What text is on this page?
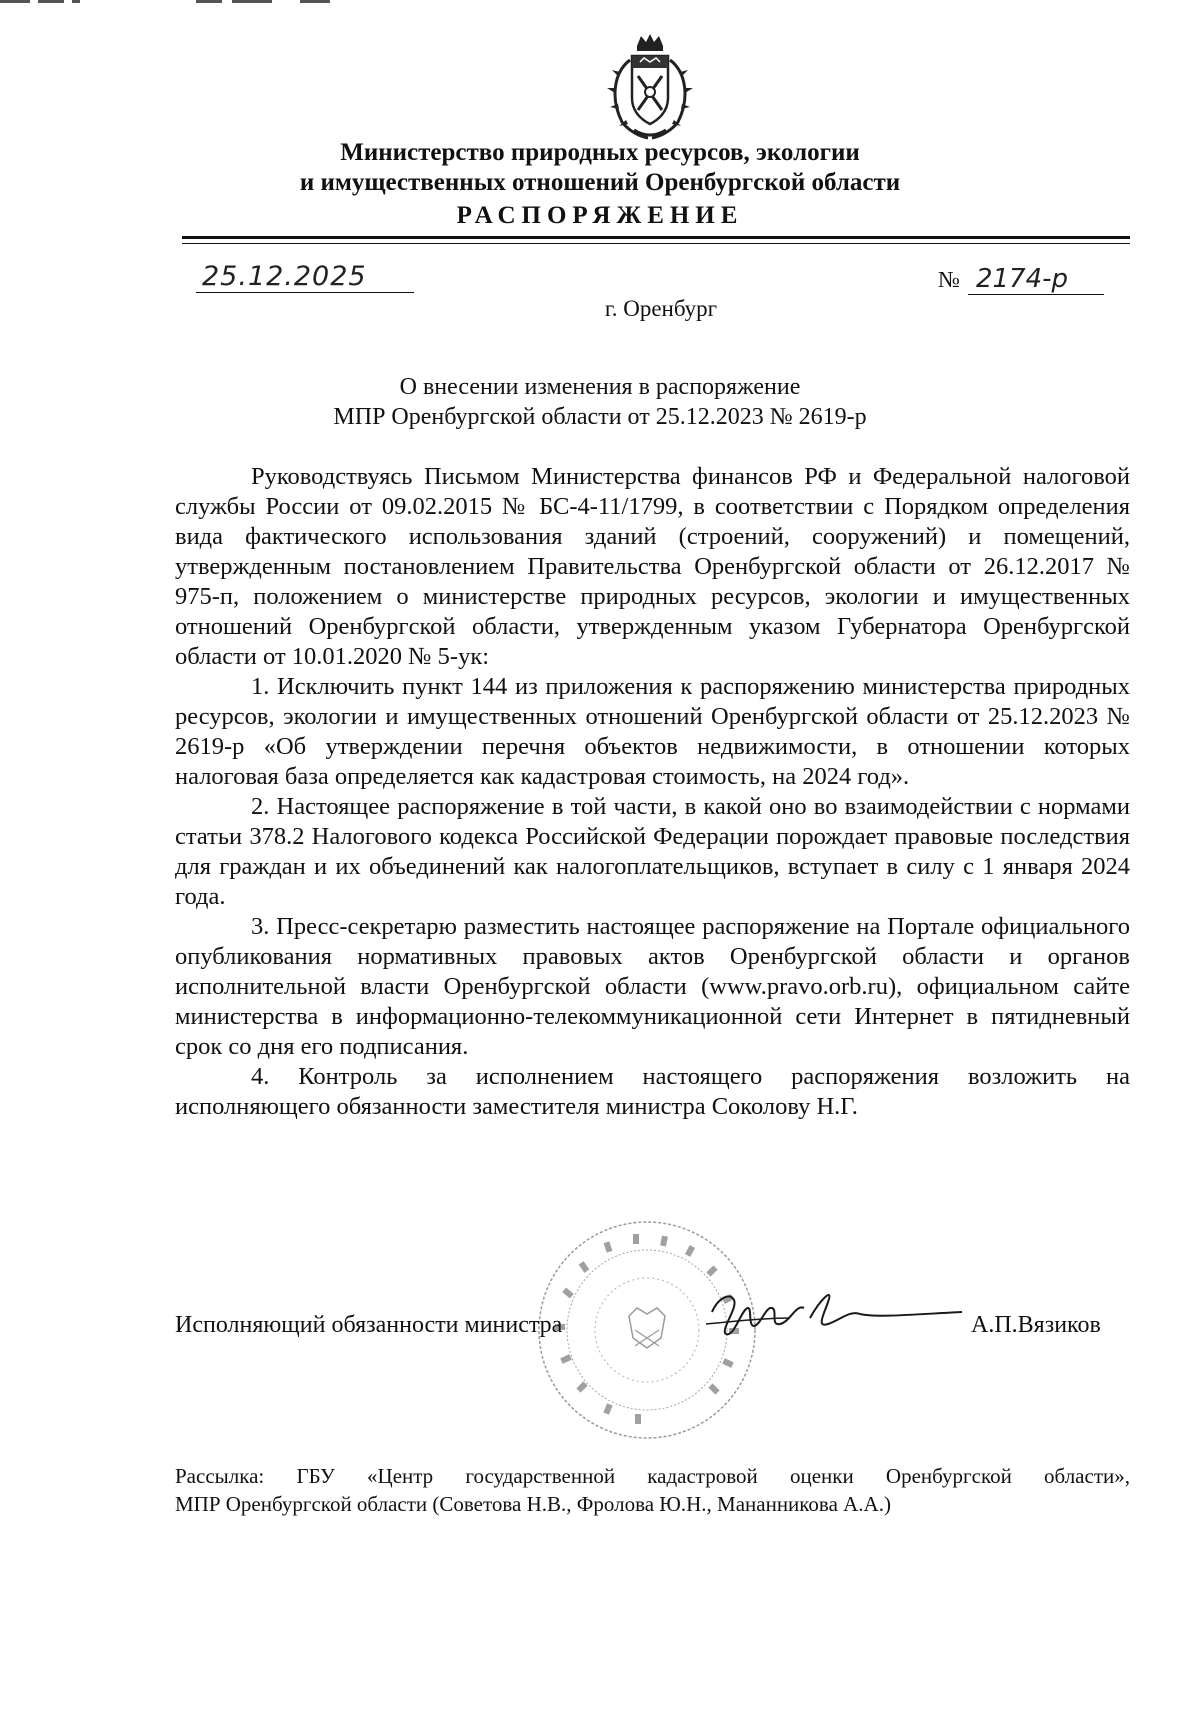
Министерство природных ресурсов, экологии
и имущественных отношений Оренбургской области
РАСПОРЯЖЕНИЕ
25.12.2025	№ 2174-р
г. Оренбург
О внесении изменения в распоряжение
МПР Оренбургской области от 25.12.2023 № 2619-р

Руководствуясь Письмом Министерства финансов РФ и Федеральной налоговой службы России от 09.02.2015 № БС-4-11/1799, в соответствии с Порядком определения вида фактического использования зданий (строений, сооружений) и помещений, утвержденным постановлением Правительства Оренбургской области от 26.12.2017 № 975-п, положением о министерстве природных ресурсов, экологии и имущественных отношений Оренбургской области, утвержденным указом Губернатора Оренбургской области от 10.01.2020 № 5-ук:

1. Исключить пункт 144 из приложения к распоряжению министерства природных ресурсов, экологии и имущественных отношений Оренбургской области от 25.12.2023 № 2619-р «Об утверждении перечня объектов недвижимости, в отношении которых налоговая база определяется как кадастровая стоимость, на 2024 год».

2. Настоящее распоряжение в той части, в какой оно во взаимодействии с нормами статьи 378.2 Налогового кодекса Российской Федерации порождает правовые последствия для граждан и их объединений как налогоплательщиков, вступает в силу с 1 января 2024 года.

3. Пресс-секретарю разместить настоящее распоряжение на Портале официального опубликования нормативных правовых актов Оренбургской области и органов исполнительной власти Оренбургской области (www.pravo.orb.ru), официальном сайте министерства в информационно-телекоммуникационной сети Интернет в пятидневный срок со дня его подписания.

4. Контроль за исполнением настоящего распоряжения возложить на исполняющего обязанности заместителя министра Соколову Н.Г.

Исполняющий обязанности министра	А.П.Вязиков

Рассылка: ГБУ «Центр государственной кадастровой оценки Оренбургской области»,

МПР Оренбургской области (Советова Н.В., Фролова Ю.Н., Мананникова А.А.)
